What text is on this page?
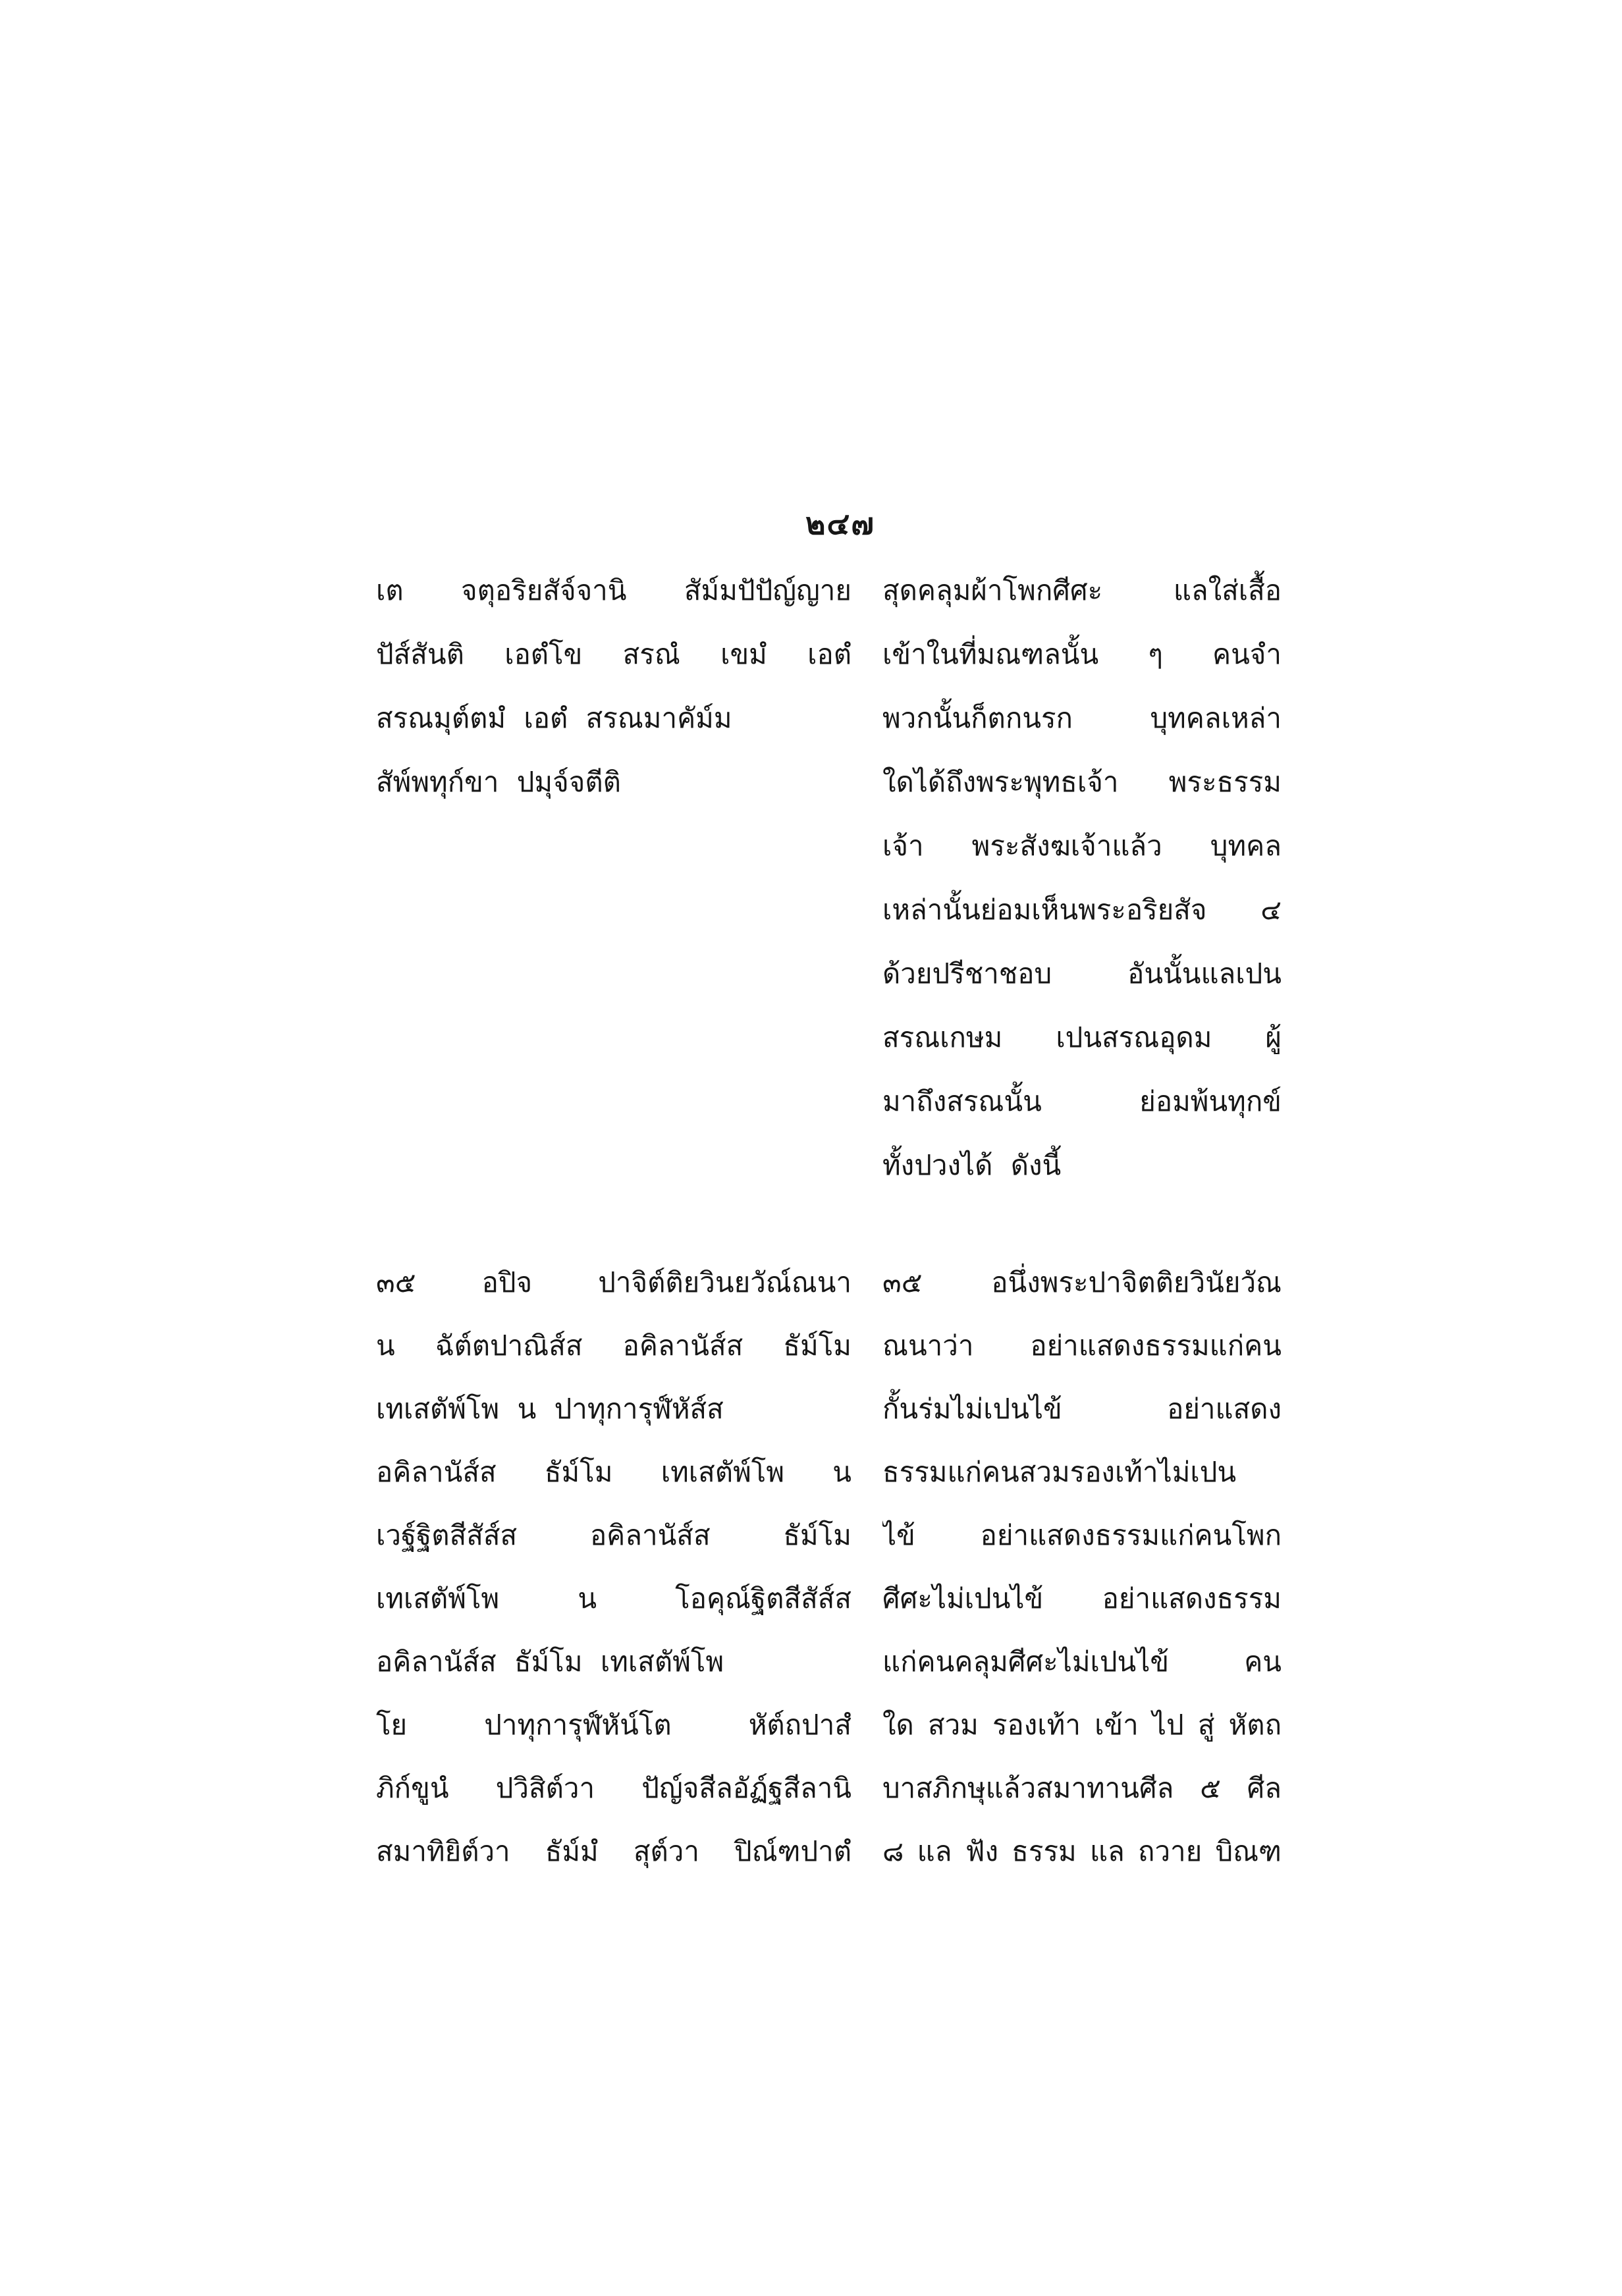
๒๔๗
เต จตุอริยสัจ์จานิ สัม์มปัปัญ์ญาย
ปัส์สันติ เอตํโข สรณํ เขมํ เอตํ
สรณมุต์ตมํ เอตํ สรณมาคัม์ม
สัพ์พทุก์ขา ปมุจ์จตีติ
สุดคลุมผ้าโพกศีศะ แลใส่เสื้อ
เข้าในที่มณฑลนั้น ๆ คนจำ
พวกนั้นก็ตกนรก บุทคลเหล่า
ใดได้ถึงพระพุทธเจ้า พระธรรม
เจ้า พระสังฆเจ้าแล้ว บุทคล
เหล่านั้นย่อมเห็นพระอริยสัจ ๔
ด้วยปรีชาชอบ อันนั้นแลเปน
สรณเกษม เปนสรณอุดม ผู้
มาถึงสรณนั้น ย่อมพ้นทุกข์
ทั้งปวงได้ ดังนี้
๓๕ อปิจ ปาจิต์ติยวินยวัณ์ณนา
น ฉัต์ตปาณิส์ส อคิลานัส์ส ธัม์โม
เทเสตัพ์โพ น ปาทุการุฬ์หัส์ส
อคิลานัส์ส ธัม์โม เทเสตัพ์โพ น
เวฐ์ฐิตสีสัส์ส อคิลานัส์ส ธัม์โม
เทเสตัพ์โพ น โอคุณ์ฐิตสีสัส์ส
อคิลานัส์ส ธัม์โม เทเสตัพ์โพ
โย ปาทุการุฬ์หัน์โต หัต์ถปาสํ
ภิก์ขูนํ ปวิสิต์วา ปัญ์จสีลอัฏ์ฐสีลานิ
สมาทิยิต์วา ธัม์มํ สุต์วา ปิณ์ฑปาตํ
๓๕ อนึ่งพระปาจิตติยวินัยวัณ
ณนาว่า อย่าแสดงธรรมแก่คน
กั้นร่มไม่เปนไข้ อย่าแสดง
ธรรมแก่คนสวมรองเท้าไม่เปน
ไข้ อย่าแสดงธรรมแก่คนโพก
ศีศะไม่เปนไข้ อย่าแสดงธรรม
แก่คนคลุมศีศะไม่เปนไข้ คน
ใด สวม รองเท้า เข้า ไป สู่ หัตถ
บาสภิกษุแล้วสมาทานศีล ๕ ศีล
๘ แล ฟัง ธรรม แล ถวาย บิณฑ
